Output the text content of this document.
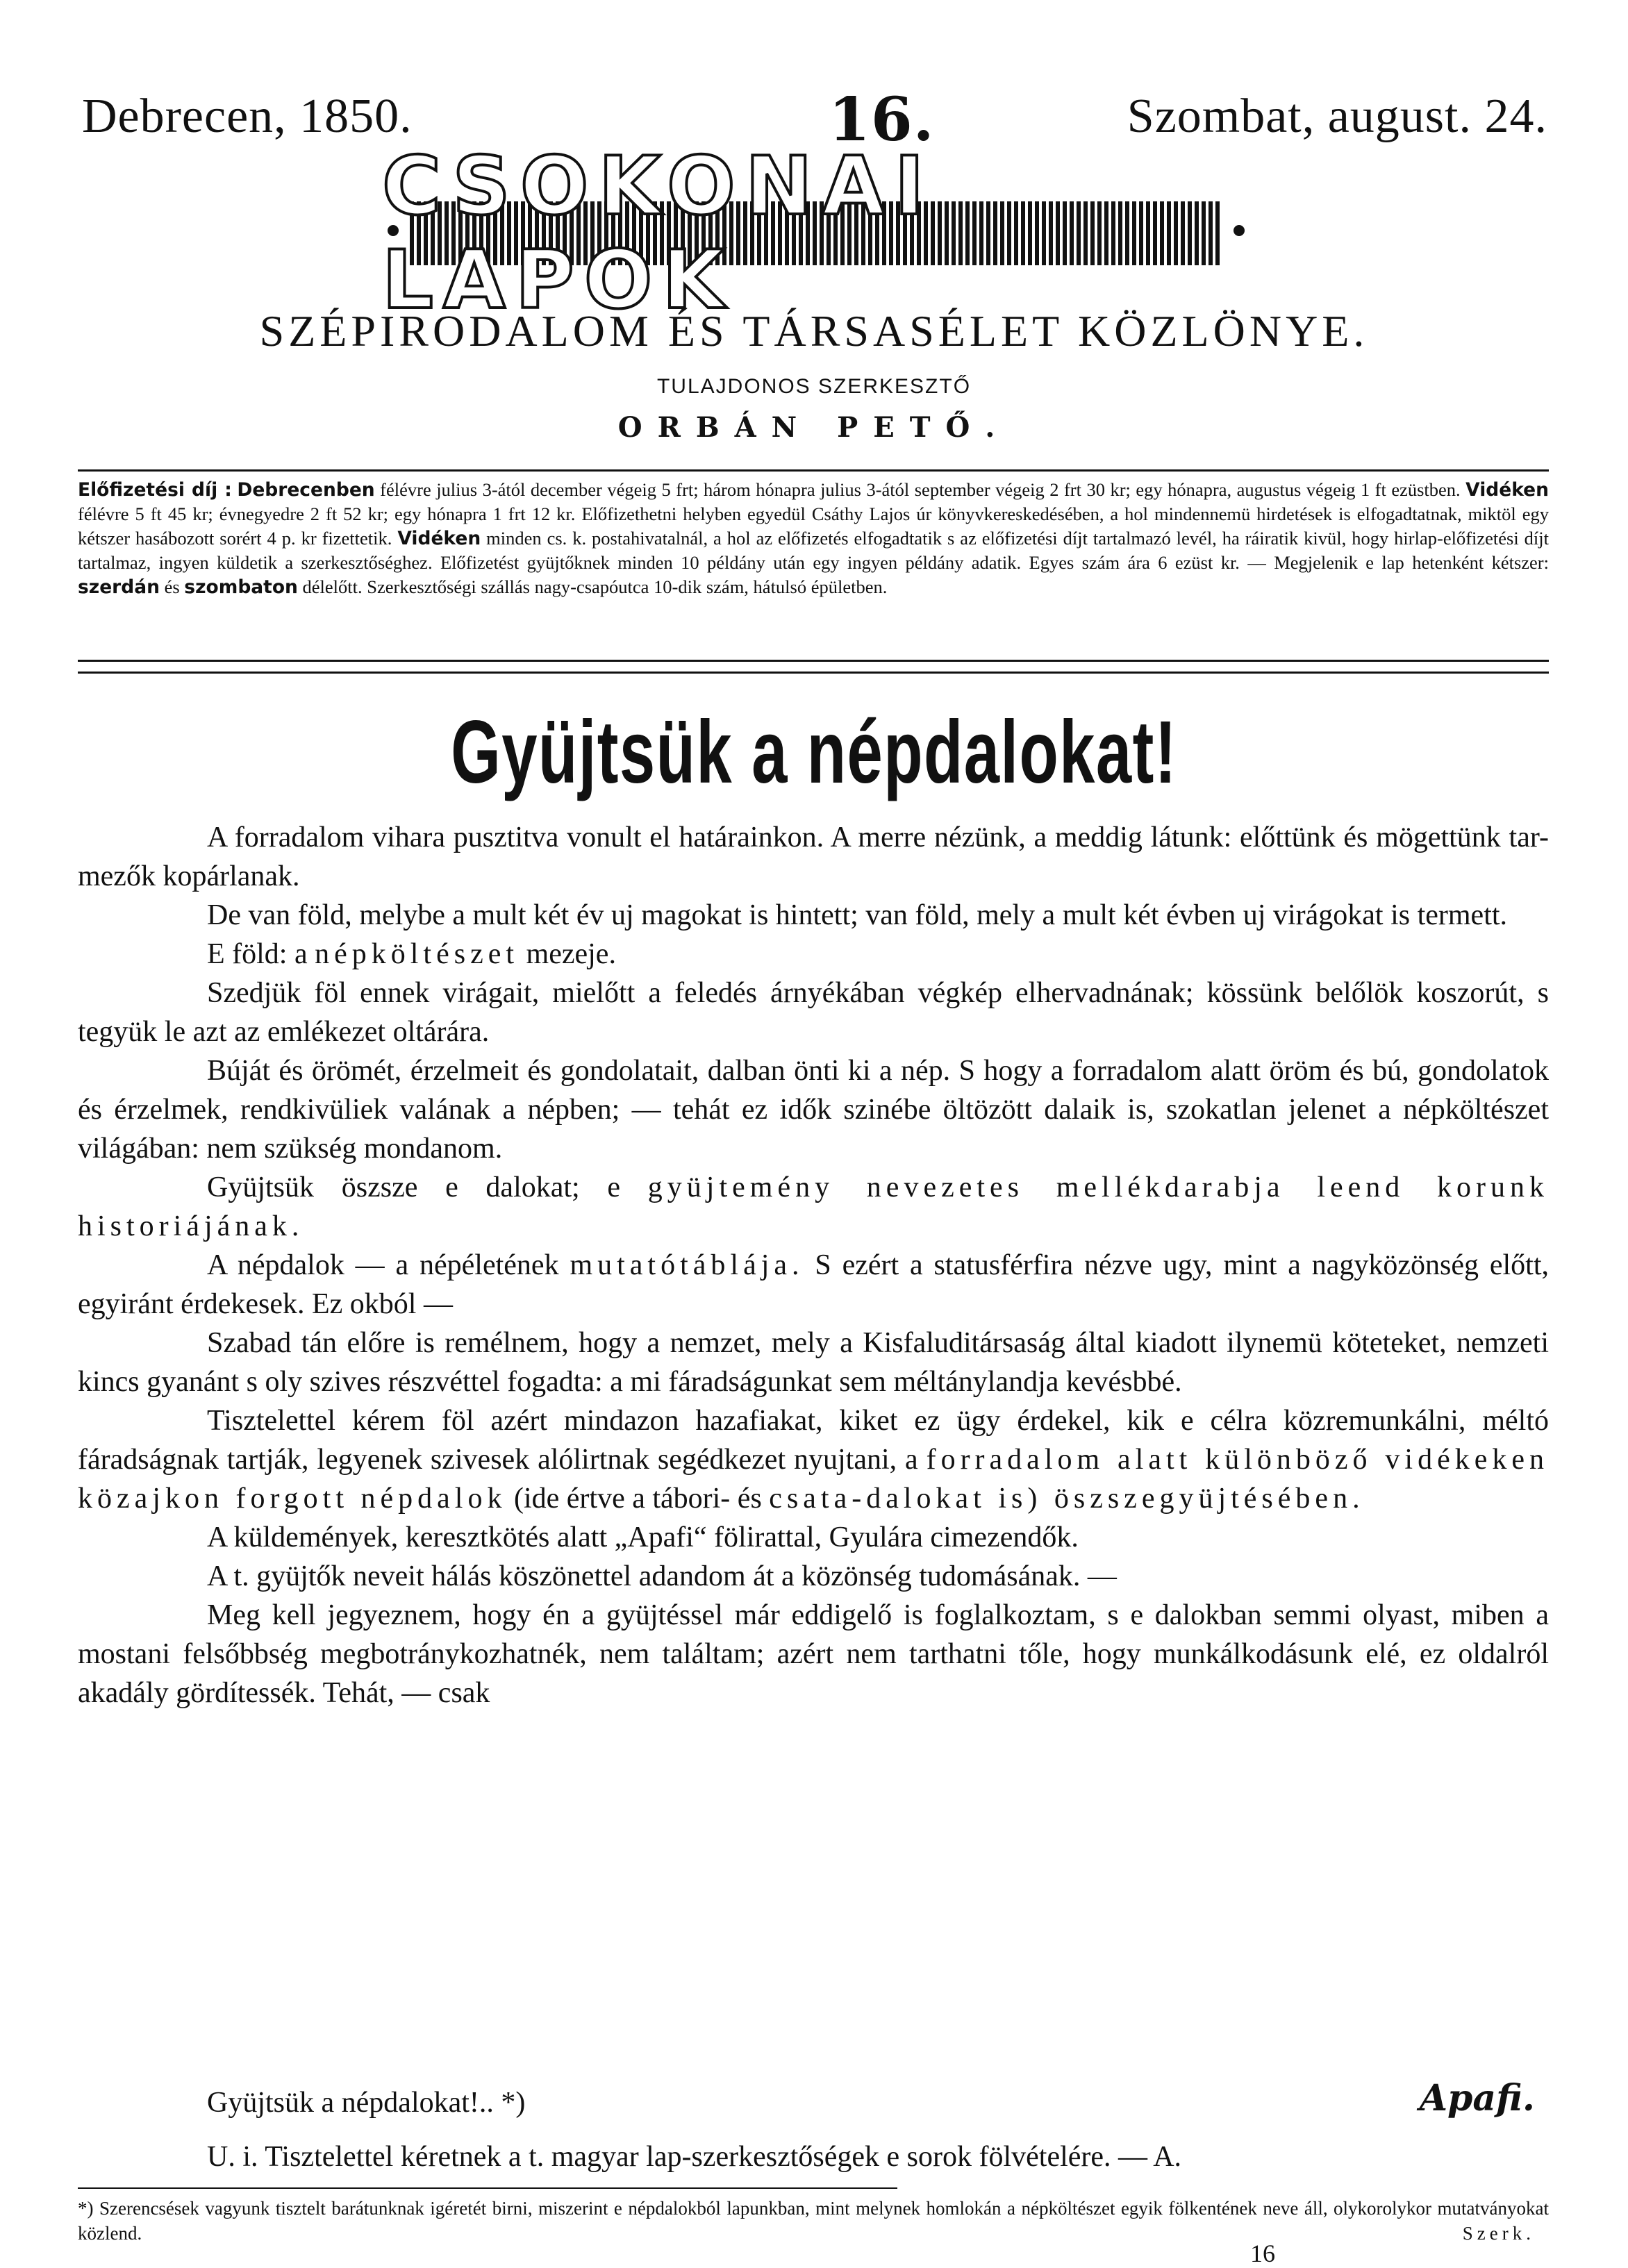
Debrecen, 1850.	16.	Szombat, august. 24.
CSOKONAI LAPOK
SZÉPIRODALOM ÉS TÁRSASÉLET KÖZLÖNYE.
TULAJDONOS SZERKESZTŐ
ORBÁN PETŐ.
Előfizetési díj : Debrecenben félévre julius 3-ától december végeig 5 frt; három hónapra julius 3-ától september végeig 2 frt 30 kr; egy hónapra, augustus végeig 1 ft ezüstben. Vidéken félévre 5 ft 45 kr; évnegyedre 2 ft 52 kr; egy hónapra 1 frt 12 kr. Előfizethetni helyben egyedül Csáthy Lajos úr könyvkereskedésében, a hol mindennemü hirdetések is elfogadtatnak, miktöl egy kétszer hasábozott sorért 4 p. kr fizettetik. Vidéken minden cs. k. postahivatalnál, a hol az előfizetés elfogadtatik s az előfizetési díjt tartalmazó levél, ha ráiratik kivül, hogy hirlap-előfizetési díjt tartalmaz, ingyen küldetik a szerkesztőséghez. Előfizetést gyüjtőknek minden 10 példány után egy ingyen példány adatik. Egyes szám ára 6 ezüst kr. — Megjelenik e lap hetenként kétszer: szerdán és szombaton délelőtt. Szerkesztőségi szállás nagy-csapóutca 10-dik szám, hátulsó épületben.
Gyüjtsük a népdalokat!

A forradalom vihara pusztitva vonult el határainkon. A merre nézünk, a meddig látunk: előttünk és mögettünk tar-mezők kopárlanak.

De van föld, melybe a mult két év uj magokat is hintett; van föld, mely a mult két évben uj virágokat is termett.

E föld: a népköltészet mezeje.

Szedjük föl ennek virágait, mielőtt a feledés árnyékában végkép elhervadnának; kössünk belőlök koszorút, s tegyük le azt az emlékezet oltárára.

Búját és örömét, érzelmeit és gondolatait, dalban önti ki a nép. S hogy a forradalom alatt öröm és bú, gondolatok és érzelmek, rendkivüliek valának a népben; — tehát ez idők szinébe öltözött dalaik is, szokatlan jelenet a népköltészet világában: nem szükség mondanom.

Gyüjtsük öszsze e dalokat; e gyüjtemény nevezetes mellékdarabja leend korunk historiájának.

A népdalok — a népéletének mutatótáblája. S ezért a statusférfira nézve ugy, mint a nagyközönség előtt, egyiránt érdekesek. Ez okból —

Szabad tán előre is remélnem, hogy a nemzet, mely a Kisfaluditársaság által kiadott ilynemü köteteket, nemzeti kincs gyanánt s oly szives részvéttel fogadta: a mi fáradságunkat sem méltánylandja kevésbbé.

Tisztelettel kérem föl azért mindazon hazafiakat, kiket ez ügy érdekel, kik e célra közremunkálni, méltó fáradságnak tartják, legyenek szivesek alólirtnak segédkezet nyujtani, a forradalom alatt különböző vidékeken közajkon forgott népdalok (ide értve a tábori- és csata-dalokat is) öszszegyüjtésében.

A küldemények, keresztkötés alatt „Apafi“ fölirattal, Gyulára cimezendők.

A t. gyüjtők neveit hálás köszönettel adandom át a közönség tudomásának. —

Meg kell jegyeznem, hogy én a gyüjtéssel már eddigelő is foglalkoztam, s e dalokban semmi olyast, miben a mostani felsőbbség megbotránykozhatnék, nem találtam; azért nem tarthatni tőle, hogy munkálkodásunk elé, ez oldalról akadály gördítessék. Tehát, — csak

Gyüjtsük a népdalokat!.. *)	Apafi.
U. i. Tisztelettel kéretnek a t. magyar lap-szerkesztőségek e sorok fölvételére. — A.
*) Szerencsések vagyunk tisztelt barátunknak igéretét birni, miszerint e népdalokból lapunkban, mint melynek homlokán a népköltészet egyik fölkentének neve áll, olykorolykor mutatványokat közlend.	Szerk.
16
